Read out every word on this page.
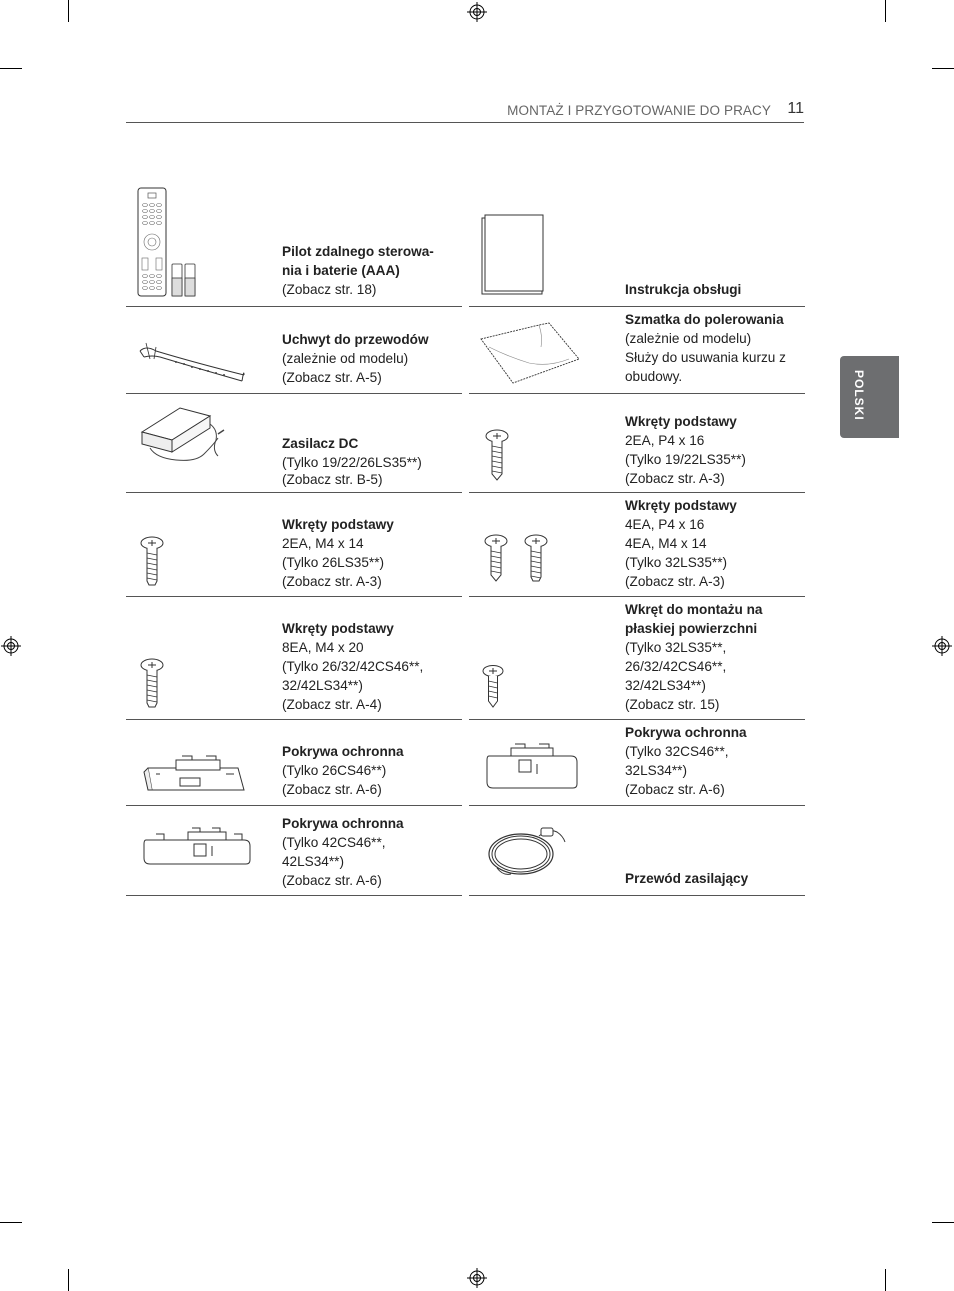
MONTAŻ I PRZYGOTOWANIE DO PRACY 11
POLSKI
Pilot zdalnego sterowa-
nia i baterie (AAA)
(Zobacz str. 18)	Instrukcja obsługi
Uchwyt do przewodów
(zależnie od modelu)
(Zobacz str. A-5)
Szmatka do polerowania
(zależnie od modelu)
Służy do usuwania kurzu z
obudowy.
Zasilacz DC
(Tylko 19/22/26LS35**)
(Zobacz str. B-5)
Wkręty podstawy
2EA, P4 x 16
(Tylko 19/22LS35**)
(Zobacz str. A-3)
Wkręty podstawy
2EA, M4 x 14
(Tylko 26LS35**)
(Zobacz str. A-3)
Wkręty podstawy
4EA, P4 x 16
4EA, M4 x 14
(Tylko 32LS35**)
(Zobacz str. A-3)
Wkręty podstawy
8EA, M4 x 20
(Tylko 26/32/42CS46**,
32/42LS34**)
(Zobacz str. A-4)
Wkręt do montażu na
płaskiej powierzchni
(Tylko 32LS35**,
26/32/42CS46**,
32/42LS34**)
(Zobacz str. 15)
Pokrywa ochronna
(Tylko 26CS46**)
(Zobacz str. A-6)
Pokrywa ochronna
(Tylko 32CS46**,
32LS34**)
(Zobacz str. A-6)
Pokrywa ochronna
(Tylko 42CS46**,
42LS34**)
(Zobacz str. A-6)	Przewód zasilający
